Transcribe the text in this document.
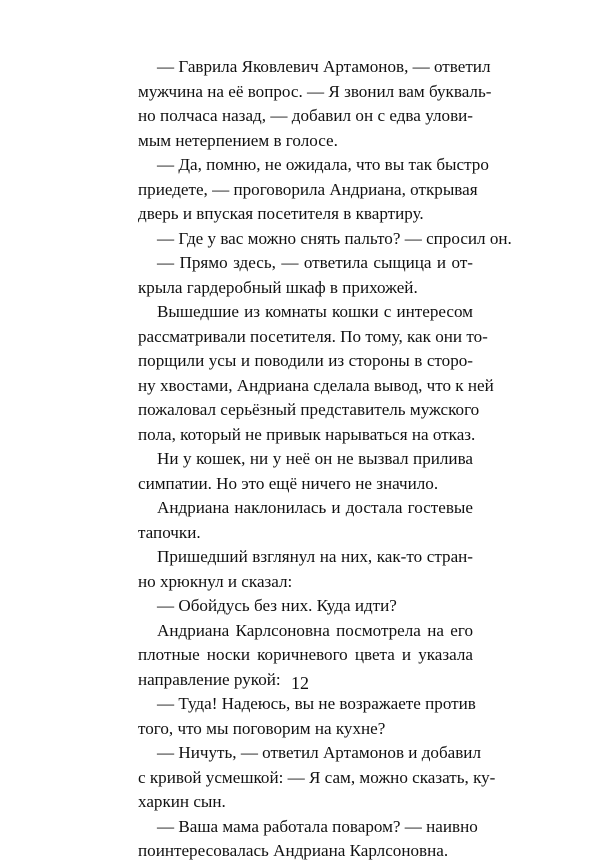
— Гаврила Яковлевич Артамонов, — ответил
мужчина на её вопрос. — Я звонил вам букваль-
но полчаса назад, — добавил он с едва улови-
мым нетерпением в голосе.
— Да, помню, не ожидала, что вы так быстро
приедете, — проговорила Андриана, открывая
дверь и впуская посетителя в квартиру.
— Где у вас можно снять пальто? — спросил он.
— Прямо здесь, — ответила сыщица и от-
крыла гардеробный шкаф в прихожей.
Вышедшие из комнаты кошки с интересом
рассматривали посетителя. По тому, как они то-
порщили усы и поводили из стороны в сторо-
ну хвостами, Андриана сделала вывод, что к ней
пожаловал серьёзный представитель мужского
пола, который не привык нарываться на отказ.
Ни у кошек, ни у неё он не вызвал прилива
симпатии. Но это ещё ничего не значило.
Андриана наклонилась и достала гостевые
тапочки.
Пришедший взглянул на них, как-то стран-
но хрюкнул и сказал:
— Обойдусь без них. Куда идти?
Андриана Карлсоновна посмотрела на его
плотные носки коричневого цвета и указала
направление рукой:
— Туда! Надеюсь, вы не возражаете против
того, что мы поговорим на кухне?
— Ничуть, — ответил Артамонов и добавил
с кривой усмешкой: — Я сам, можно сказать, ку-
харкин сын.
— Ваша мама работала поваром? — наивно
поинтересовалась Андриана Карлсоновна.
12
